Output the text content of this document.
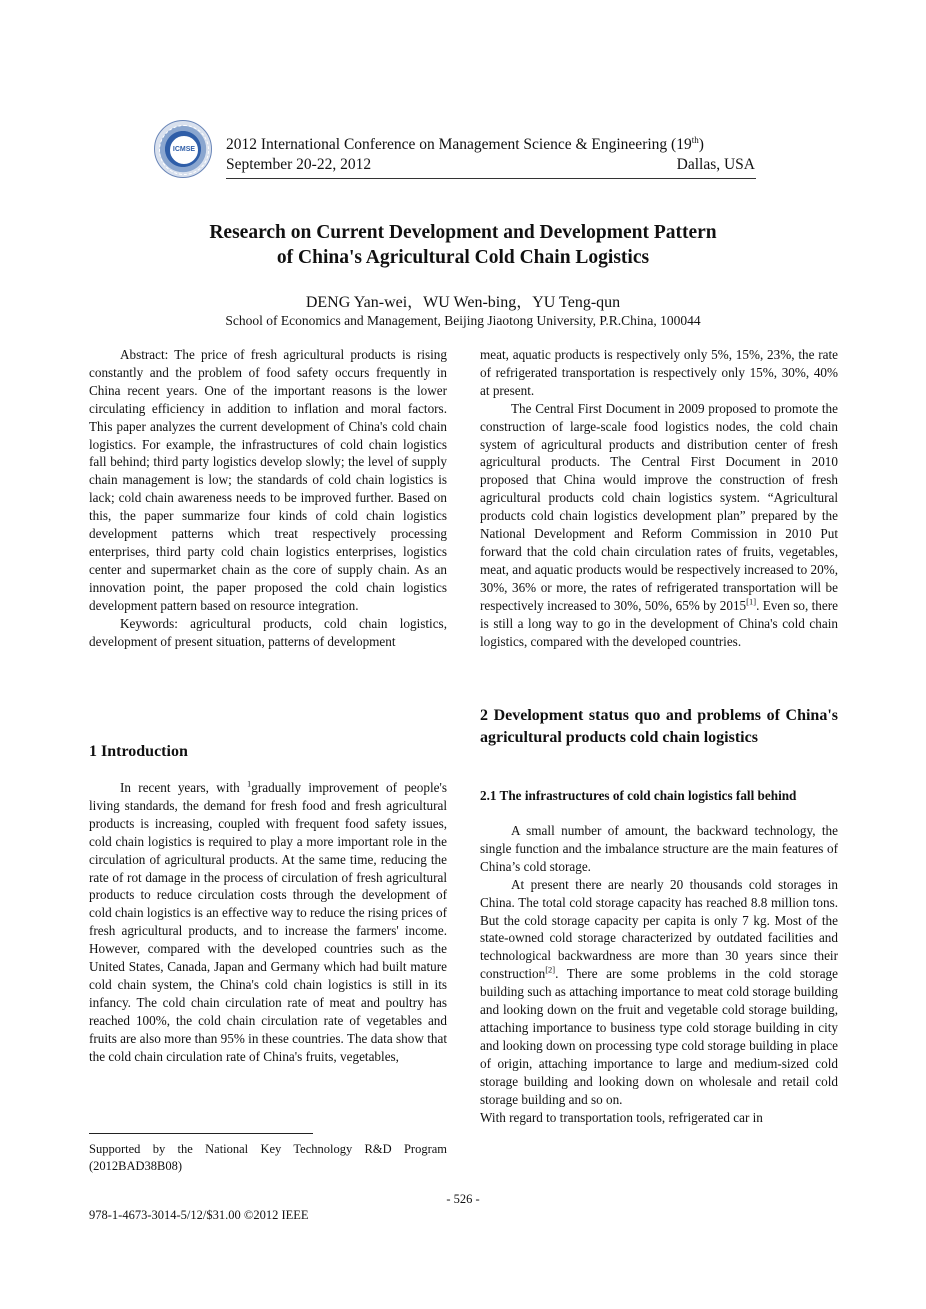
ICMSE	2012 International Conference on Management Science & Engineering (19th)
September 20-22, 2012	Dallas, USA
Research on Current Development and Development Pattern
of China's Agricultural Cold Chain Logistics
DENG Yan-wei，WU Wen-bing，YU Teng-qun
School of Economics and Management, Beijing Jiaotong University, P.R.China, 100044

Abstract: The price of fresh agricultural products is rising constantly and the problem of food safety occurs frequently in China recent years. One of the important reasons is the lower circulating efficiency in addition to inflation and moral factors. This paper analyzes the current development of China's cold chain logistics. For example, the infrastructures of cold chain logistics fall behind; third party logistics develop slowly; the level of supply chain management is low; the standards of cold chain logistics is lack; cold chain awareness needs to be improved further. Based on this, the paper summarize four kinds of cold chain logistics development patterns which treat respectively processing enterprises, third party cold chain logistics enterprises, logistics center and supermarket chain as the core of supply chain. As an innovation point, the paper proposed the cold chain logistics development pattern based on resource integration.

Keywords: agricultural products, cold chain logistics, development of present situation, patterns of development

1 Introduction

In recent years, with $^1$gradually improvement of people's living standards, the demand for fresh food and fresh agricultural products is increasing, coupled with frequent food safety issues, cold chain logistics is required to play a more important role in the circulation of agricultural products. At the same time, reducing the rate of rot damage in the process of circulation of fresh agricultural products to reduce circulation costs through the development of cold chain logistics is an effective way to reduce the rising prices of fresh agricultural products, and to increase the farmers' income. However, compared with the developed countries such as the United States, Canada, Japan and Germany which had built mature cold chain system, the China's cold chain logistics is still in its infancy. The cold chain circulation rate of meat and poultry has reached 100%, the cold chain circulation rate of vegetables and fruits are also more than 95% in these countries. The data show that the cold chain circulation rate of China's fruits, vegetables,

Supported by the National Key Technology R&D Program (2012BAD38B08)

meat, aquatic products is respectively only 5%, 15%, 23%, the rate of refrigerated transportation is respectively only 15%, 30%, 40% at present.

The Central First Document in 2009 proposed to promote the construction of large-scale food logistics nodes, the cold chain system of agricultural products and distribution center of fresh agricultural products. The Central First Document in 2010 proposed that China would improve the construction of fresh agricultural products cold chain logistics system. “Agricultural products cold chain logistics development plan” prepared by the National Development and Reform Commission in 2010 Put forward that the cold chain circulation rates of fruits, vegetables, meat, and aquatic products would be respectively increased to 20%, 30%, 36% or more, the rates of refrigerated transportation will be respectively increased to 30%, 50%, 65% by 2015[1]. Even so, there is still a long way to go in the development of China's cold chain logistics, compared with the developed countries.

2 Development status quo and problems of China's agricultural products cold chain logistics
2.1 The infrastructures of cold chain logistics fall behind

A small number of amount, the backward technology, the single function and the imbalance structure are the main features of China’s cold storage.

At present there are nearly 20 thousands cold storages in China. The total cold storage capacity has reached 8.8 million tons. But the cold storage capacity per capita is only 7 kg. Most of the state-owned cold storage characterized by outdated facilities and technological backwardness are more than 30 years since their construction[2]. There are some problems in the cold storage building such as attaching importance to meat cold storage building and looking down on the fruit and vegetable cold storage building, attaching importance to business type cold storage building in city and looking down on processing type cold storage building in place of origin, attaching importance to large and medium-sized cold storage building and looking down on wholesale and retail cold storage building and so on.

With regard to transportation tools, refrigerated car in

- 526 -
978-1-4673-3014-5/12/$31.00 ©2012 IEEE
